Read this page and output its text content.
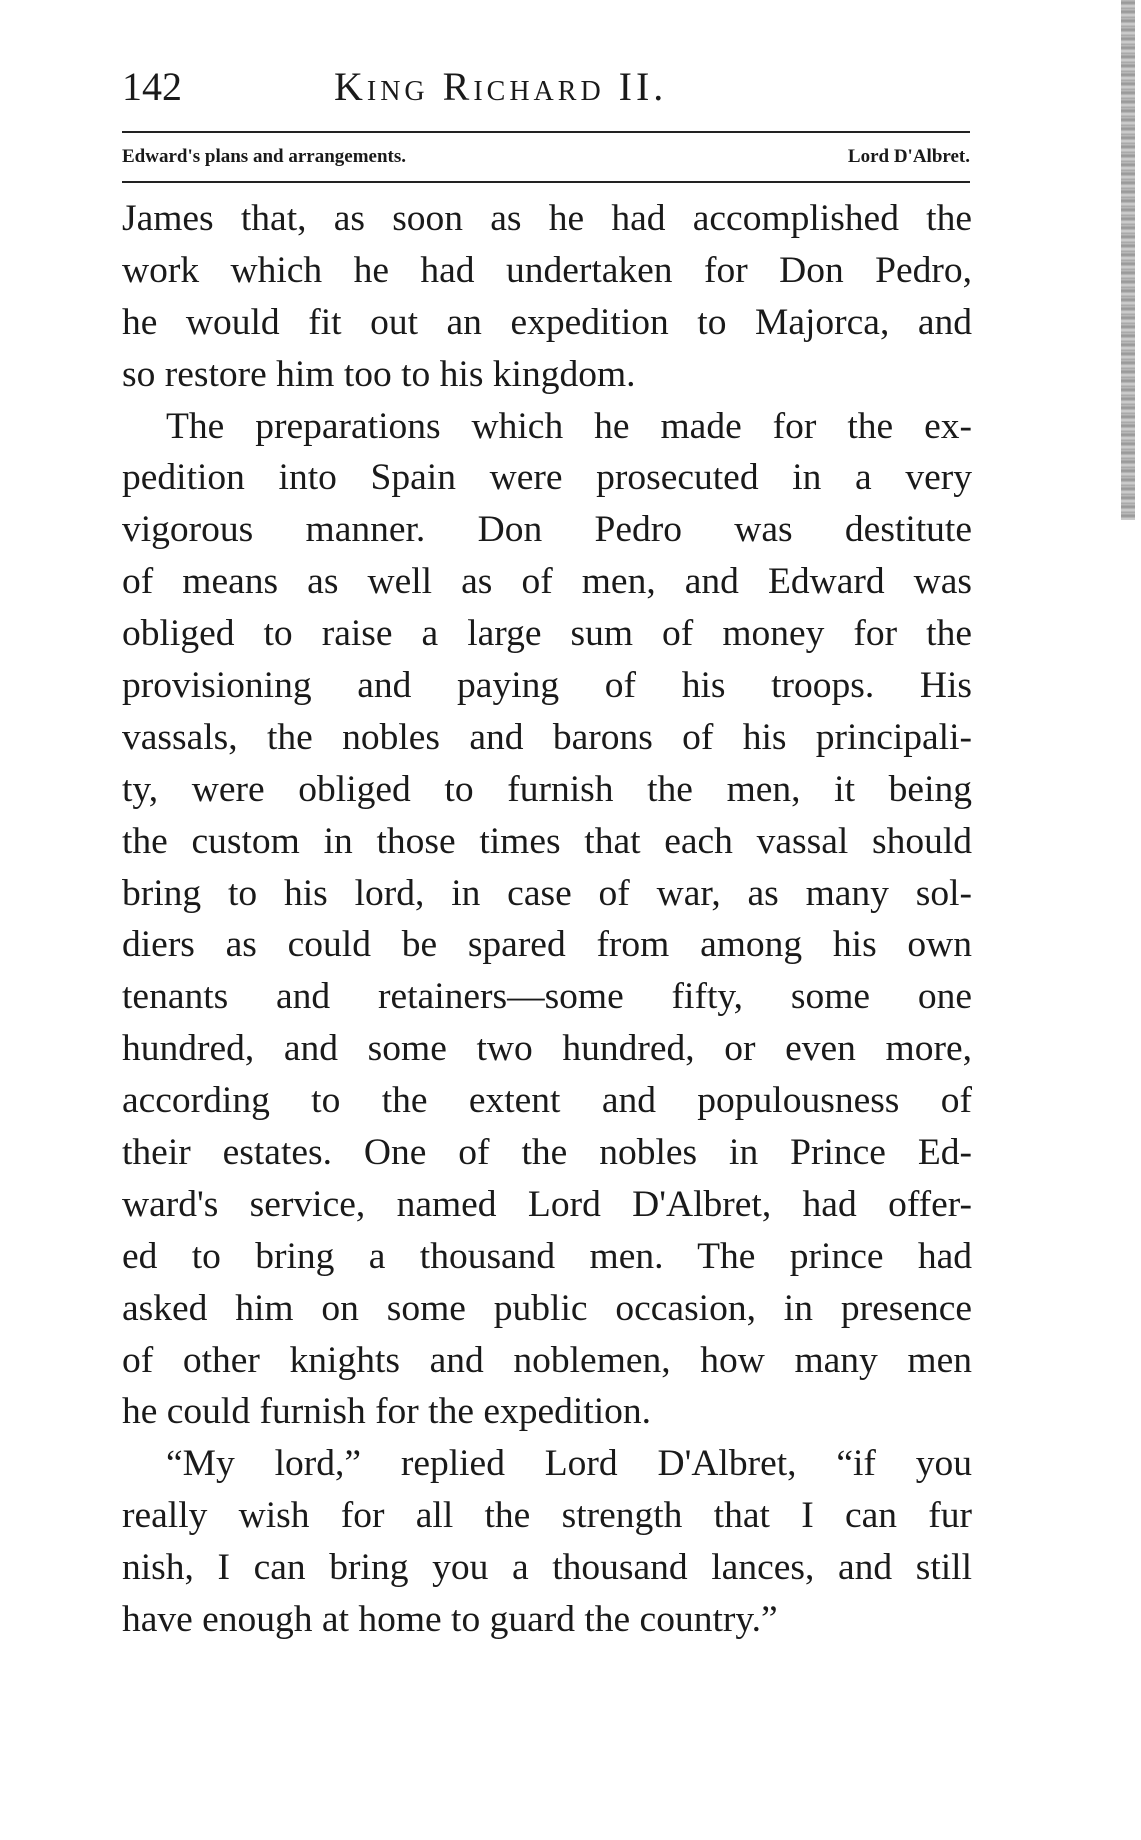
142	King Richard II.
Edward's plans and arrangements.	Lord D'Albret.
James that, as soon as he had accomplished the
work which he had undertaken for Don Pedro,
he would fit out an expedition to Majorca, and
so restore him too to his kingdom.
The preparations which he made for the ex-
pedition into Spain were prosecuted in a very
vigorous manner. Don Pedro was destitute
of means as well as of men, and Edward was
obliged to raise a large sum of money for the
provisioning and paying of his troops. His
vassals, the nobles and barons of his principali-
ty, were obliged to furnish the men, it being
the custom in those times that each vassal should
bring to his lord, in case of war, as many sol-
diers as could be spared from among his own
tenants and retainers—some fifty, some one
hundred, and some two hundred, or even more,
according to the extent and populousness of
their estates. One of the nobles in Prince Ed-
ward's service, named Lord D'Albret, had offer-
ed to bring a thousand men. The prince had
asked him on some public occasion, in presence
of other knights and noblemen, how many men
he could furnish for the expedition.
“My lord,” replied Lord D'Albret, “if you
really wish for all the strength that I can fur
nish, I can bring you a thousand lances, and still
have enough at home to guard the country.”
